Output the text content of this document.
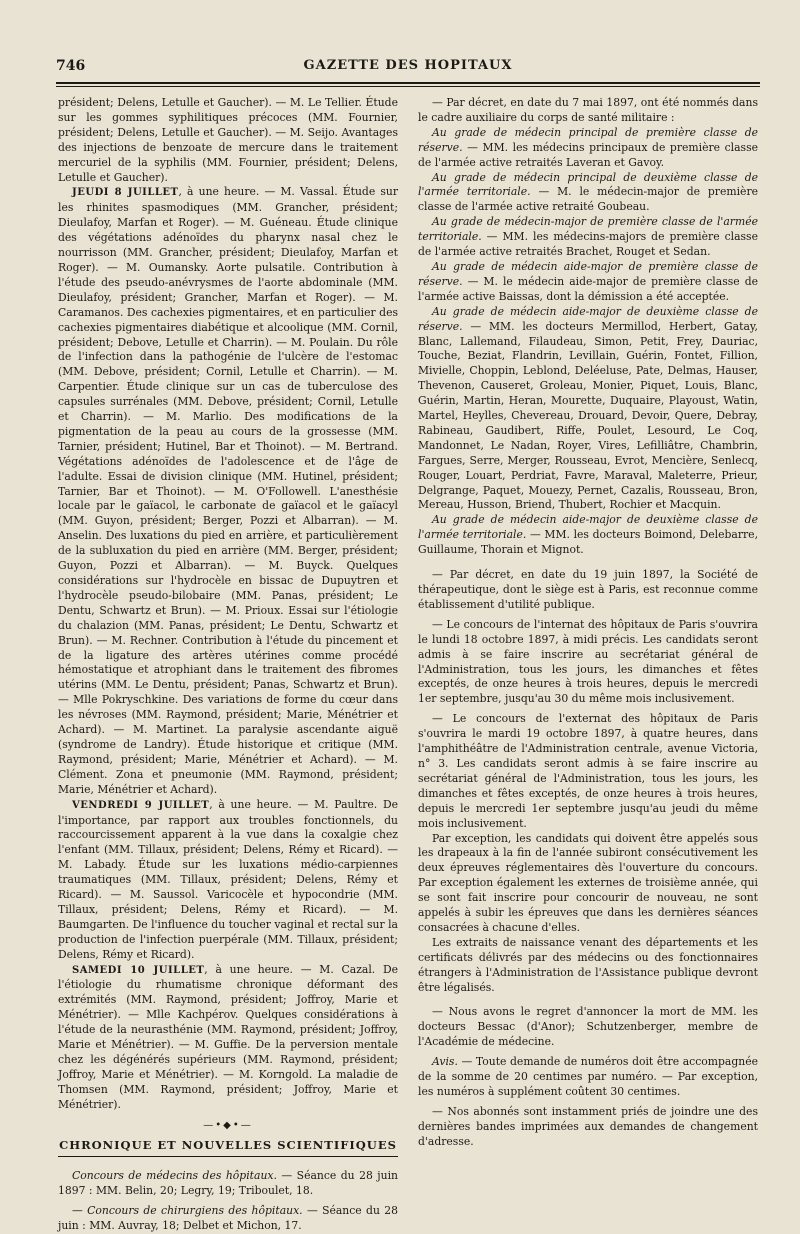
746	GAZETTE DES HOPITAUX

président; Delens, Letulle et Gaucher). — M. Le Tellier. Étude sur les gommes syphilitiques précoces (MM. Fournier, président; Delens, Letulle et Gaucher). — M. Seijo. Avantages des injections de benzoate de mercure dans le traitement mercuriel de la syphilis (MM. Fournier, président; Delens, Letulle et Gaucher).

JEUDI 8 JUILLET, à une heure. — M. Vassal. Étude sur les rhinites spasmodiques (MM. Grancher, président; Dieulafoy, Marfan et Roger). — M. Guéneau. Étude clinique des végétations adénoïdes du pharynx nasal chez le nourrisson (MM. Grancher, président; Dieulafoy, Marfan et Roger). — M. Oumansky. Aorte pulsatile. Contribution à l'étude des pseudo-anévrysmes de l'aorte abdominale (MM. Dieulafoy, président; Grancher, Marfan et Roger). — M. Caramanos. Des cachexies pigmentaires, et en particulier des cachexies pigmentaires diabétique et alcoolique (MM. Cornil, président; Debove, Letulle et Charrin). — M. Poulain. Du rôle de l'infection dans la pathogénie de l'ulcère de l'estomac (MM. Debove, président; Cornil, Letulle et Charrin). — M. Carpentier. Étude clinique sur un cas de tuberculose des capsules surrénales (MM. Debove, président; Cornil, Letulle et Charrin). — M. Marlio. Des modifications de la pigmentation de la peau au cours de la grossesse (MM. Tarnier, président; Hutinel, Bar et Thoinot). — M. Bertrand. Végétations adénoïdes de l'adolescence et de l'âge de l'adulte. Essai de division clinique (MM. Hutinel, président; Tarnier, Bar et Thoinot). — M. O'Followell. L'anesthésie locale par le gaïacol, le carbonate de gaïacol et le gaïacyl (MM. Guyon, président; Berger, Pozzi et Albarran). — M. Anselin. Des luxations du pied en arrière, et particulièrement de la subluxation du pied en arrière (MM. Berger, président; Guyon, Pozzi et Albarran). — M. Buyck. Quelques considérations sur l'hydrocèle en bissac de Dupuytren et l'hydrocèle pseudo-bilobaire (MM. Panas, président; Le Dentu, Schwartz et Brun). — M. Prioux. Essai sur l'étiologie du chalazion (MM. Panas, président; Le Dentu, Schwartz et Brun). — M. Rechner. Contribution à l'étude du pincement et de la ligature des artères utérines comme procédé hémostatique et atrophiant dans le traitement des fibromes utérins (MM. Le Dentu, président; Panas, Schwartz et Brun). — Mlle Pokryschkine. Des variations de forme du cœur dans les névroses (MM. Raymond, président; Marie, Ménétrier et Achard). — M. Martinet. La paralysie ascendante aiguë (syndrome de Landry). Étude historique et critique (MM. Raymond, président; Marie, Ménétrier et Achard). — M. Clément. Zona et pneumonie (MM. Raymond, président; Marie, Ménétrier et Achard).

VENDREDI 9 JUILLET, à une heure. — M. Paultre. De l'importance, par rapport aux troubles fonctionnels, du raccourcissement apparent à la vue dans la coxalgie chez l'enfant (MM. Tillaux, président; Delens, Rémy et Ricard). — M. Labady. Étude sur les luxations médio-carpiennes traumatiques (MM. Tillaux, président; Delens, Rémy et Ricard). — M. Saussol. Varicocèle et hypocondrie (MM. Tillaux, président; Delens, Rémy et Ricard). — M. Baumgarten. De l'influence du toucher vaginal et rectal sur la production de l'infection puerpérale (MM. Tillaux, président; Delens, Rémy et Ricard).

SAMEDI 10 JUILLET, à une heure. — M. Cazal. De l'étiologie du rhumatisme chronique déformant des extrémités (MM. Raymond, président; Joffroy, Marie et Ménétrier). — Mlle Kachpérov. Quelques considérations à l'étude de la neurasthénie (MM. Raymond, président; Joffroy, Marie et Ménétrier). — M. Guffie. De la perversion mentale chez les dégénérés supérieurs (MM. Raymond, président; Joffroy, Marie et Ménétrier). — M. Korngold. La maladie de Thomsen (MM. Raymond, président; Joffroy, Marie et Ménétrier).

—•◆•—
CHRONIQUE ET NOUVELLES SCIENTIFIQUES

Concours de médecins des hôpitaux. — Séance du 28 juin 1897 : MM. Belin, 20; Legry, 19; Triboulet, 18.

— Concours de chirurgiens des hôpitaux. — Séance du 28 juin : MM. Auvray, 18; Delbet et Michon, 17.

— Par décret, en date du 7 mai 1897, ont été nommés dans le cadre auxiliaire du corps de santé militaire :

Au grade de médecin principal de première classe de réserve. — MM. les médecins principaux de première classe de l'armée active retraités Laveran et Gavoy.

Au grade de médecin principal de deuxième classe de l'armée territoriale. — M. le médecin-major de première classe de l'armée active retraité Goubeau.

Au grade de médecin-major de première classe de l'armée territoriale. — MM. les médecins-majors de première classe de l'armée active retraités Brachet, Rouget et Sedan.

Au grade de médecin aide-major de première classe de réserve. — M. le médecin aide-major de première classe de l'armée active Baissas, dont la démission a été acceptée.

Au grade de médecin aide-major de deuxième classe de réserve. — MM. les docteurs Mermillod, Herbert, Gatay, Blanc, Lallemand, Filaudeau, Simon, Petit, Frey, Dauriac, Touche, Beziat, Flandrin, Levillain, Guérin, Fontet, Fillion, Mivielle, Choppin, Leblond, Deléeluse, Pate, Delmas, Hauser, Thevenon, Causeret, Groleau, Monier, Piquet, Louis, Blanc, Guérin, Martin, Heran, Mourette, Duquaire, Playoust, Watin, Martel, Heylles, Chevereau, Drouard, Devoir, Quere, Debray, Rabineau, Gaudibert, Riffe, Poulet, Lesourd, Le Coq, Mandonnet, Le Nadan, Royer, Vires, Lefilliâtre, Chambrin, Fargues, Serre, Merger, Rousseau, Evrot, Mencière, Senlecq, Rouger, Louart, Perdriat, Favre, Maraval, Maleterre, Prieur, Delgrange, Paquet, Mouezy, Pernet, Cazalis, Rousseau, Bron, Mereau, Husson, Briend, Thubert, Rochier et Macquin.

Au grade de médecin aide-major de deuxième classe de l'armée territoriale. — MM. les docteurs Boimond, Delebarre, Guillaume, Thorain et Mignot.

— Par décret, en date du 19 juin 1897, la Société de thérapeutique, dont le siège est à Paris, est reconnue comme établissement d'utilité publique.

— Le concours de l'internat des hôpitaux de Paris s'ouvrira le lundi 18 octobre 1897, à midi précis. Les candidats seront admis à se faire inscrire au secrétariat général de l'Administration, tous les jours, les dimanches et fêtes exceptés, de onze heures à trois heures, depuis le mercredi 1er septembre, jusqu'au 30 du même mois inclusivement.

— Le concours de l'externat des hôpitaux de Paris s'ouvrira le mardi 19 octobre 1897, à quatre heures, dans l'amphithéâtre de l'Administration centrale, avenue Victoria, n° 3. Les candidats seront admis à se faire inscrire au secrétariat général de l'Administration, tous les jours, les dimanches et fêtes exceptés, de onze heures à trois heures, depuis le mercredi 1er septembre jusqu'au jeudi du même mois inclusivement.

Par exception, les candidats qui doivent être appelés sous les drapeaux à la fin de l'année subiront consécutivement les deux épreuves réglementaires dès l'ouverture du concours. Par exception également les externes de troisième année, qui se sont fait inscrire pour concourir de nouveau, ne sont appelés à subir les épreuves que dans les dernières séances consacrées à chacune d'elles.

Les extraits de naissance venant des départements et les certificats délivrés par des médecins ou des fonctionnaires étrangers à l'Administration de l'Assistance publique devront être légalisés.

— Nous avons le regret d'annoncer la mort de MM. les docteurs Bessac (d'Anor); Schutzenberger, membre de l'Académie de médecine.

Avis. — Toute demande de numéros doit être accompagnée de la somme de 20 centimes par numéro. — Par exception, les numéros à supplément coûtent 30 centimes.

— Nos abonnés sont instamment priés de joindre une des dernières bandes imprimées aux demandes de changement d'adresse.
